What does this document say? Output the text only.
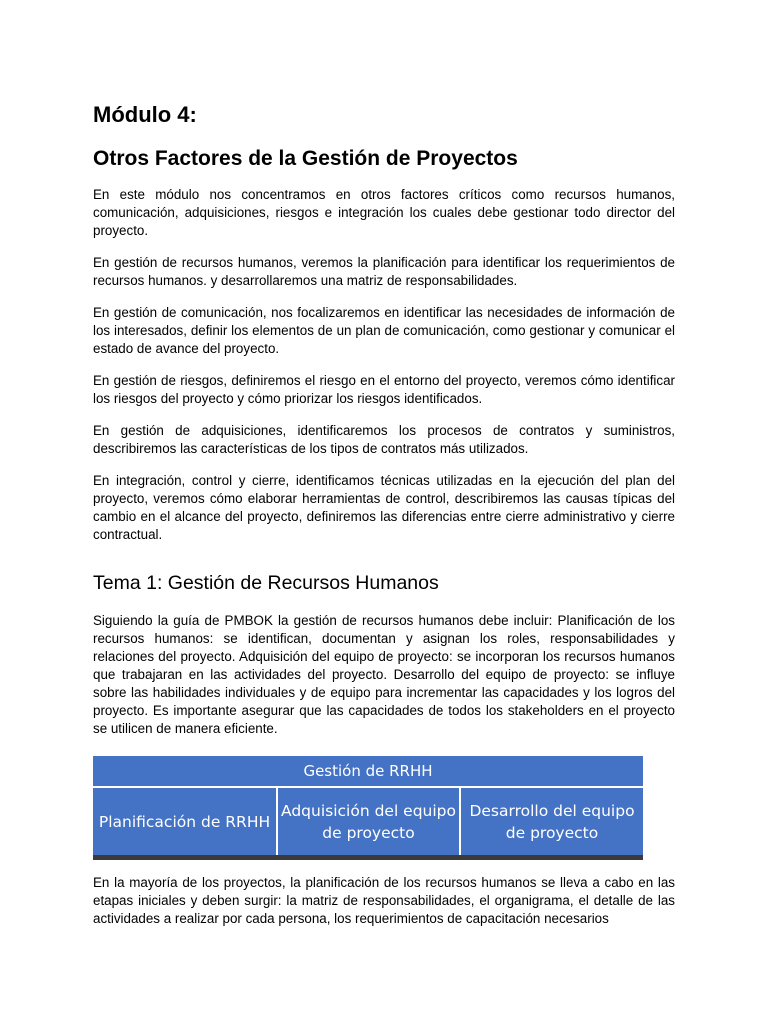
Módulo 4:
Otros Factores de la Gestión de Proyectos

En este módulo nos concentramos en otros factores críticos como recursos humanos, comunicación, adquisiciones, riesgos e integración los cuales debe gestionar todo director del proyecto.

En gestión de recursos humanos, veremos la planificación para identificar los requerimientos de recursos humanos. y desarrollaremos una matriz de responsabilidades.

En gestión de comunicación, nos focalizaremos en identificar las necesidades de información de los interesados, definir los elementos de un plan de comunicación, como gestionar y comunicar el estado de avance del proyecto.

En gestión de riesgos, definiremos el riesgo en el entorno del proyecto, veremos cómo identificar los riesgos del proyecto y cómo priorizar los riesgos identificados.

En gestión de adquisiciones, identificaremos los procesos de contratos y suministros, describiremos las características de los tipos de contratos más utilizados.

En integración, control y cierre, identificamos técnicas utilizadas en la ejecución del plan del proyecto, veremos cómo elaborar herramientas de control, describiremos las causas típicas del cambio en el alcance del proyecto, definiremos las diferencias entre cierre administrativo y cierre contractual.

Tema 1: Gestión de Recursos Humanos

Siguiendo la guía de PMBOK la gestión de recursos humanos debe incluir: Planificación de los recursos humanos: se identifican, documentan y asignan los roles, responsabilidades y relaciones del proyecto. Adquisición del equipo de proyecto: se incorporan los recursos humanos que trabajaran en las actividades del proyecto. Desarrollo del equipo de proyecto: se influye sobre las habilidades individuales y de equipo para incrementar las capacidades y los logros del proyecto. Es importante asegurar que las capacidades de todos los stakeholders en el proyecto se utilicen de manera eficiente.

Gestión de RRHH
Planificación de RRHH	Adquisición del equipo de proyecto	Desarrollo del equipo de proyecto

En la mayoría de los proyectos, la planificación de los recursos humanos se lleva a cabo en las etapas iniciales y deben surgir: la matriz de responsabilidades, el organigrama, el detalle de las actividades a realizar por cada persona, los requerimientos de capacitación necesarios
